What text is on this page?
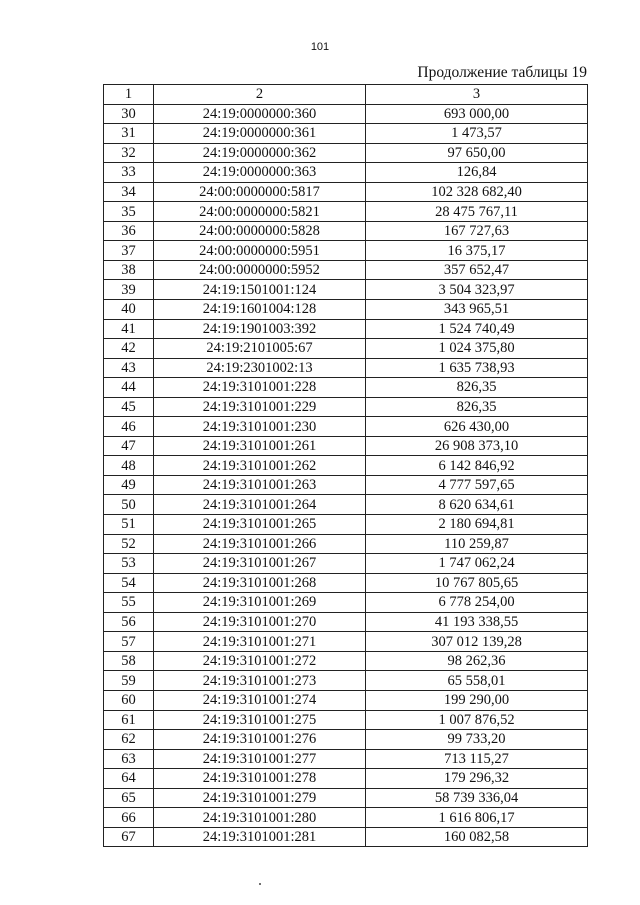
101
Продолжение таблицы 19
1	2	3
30	24:19:0000000:360	693 000,00
31	24:19:0000000:361	1 473,57
32	24:19:0000000:362	97 650,00
33	24:19:0000000:363	126,84
34	24:00:0000000:5817	102 328 682,40
35	24:00:0000000:5821	28 475 767,11
36	24:00:0000000:5828	167 727,63
37	24:00:0000000:5951	16 375,17
38	24:00:0000000:5952	357 652,47
39	24:19:1501001:124	3 504 323,97
40	24:19:1601004:128	343 965,51
41	24:19:1901003:392	1 524 740,49
42	24:19:2101005:67	1 024 375,80
43	24:19:2301002:13	1 635 738,93
44	24:19:3101001:228	826,35
45	24:19:3101001:229	826,35
46	24:19:3101001:230	626 430,00
47	24:19:3101001:261	26 908 373,10
48	24:19:3101001:262	6 142 846,92
49	24:19:3101001:263	4 777 597,65
50	24:19:3101001:264	8 620 634,61
51	24:19:3101001:265	2 180 694,81
52	24:19:3101001:266	110 259,87
53	24:19:3101001:267	1 747 062,24
54	24:19:3101001:268	10 767 805,65
55	24:19:3101001:269	6 778 254,00
56	24:19:3101001:270	41 193 338,55
57	24:19:3101001:271	307 012 139,28
58	24:19:3101001:272	98 262,36
59	24:19:3101001:273	65 558,01
60	24:19:3101001:274	199 290,00
61	24:19:3101001:275	1 007 876,52
62	24:19:3101001:276	99 733,20
63	24:19:3101001:277	713 115,27
64	24:19:3101001:278	179 296,32
65	24:19:3101001:279	58 739 336,04
66	24:19:3101001:280	1 616 806,17
67	24:19:3101001:281	160 082,58
